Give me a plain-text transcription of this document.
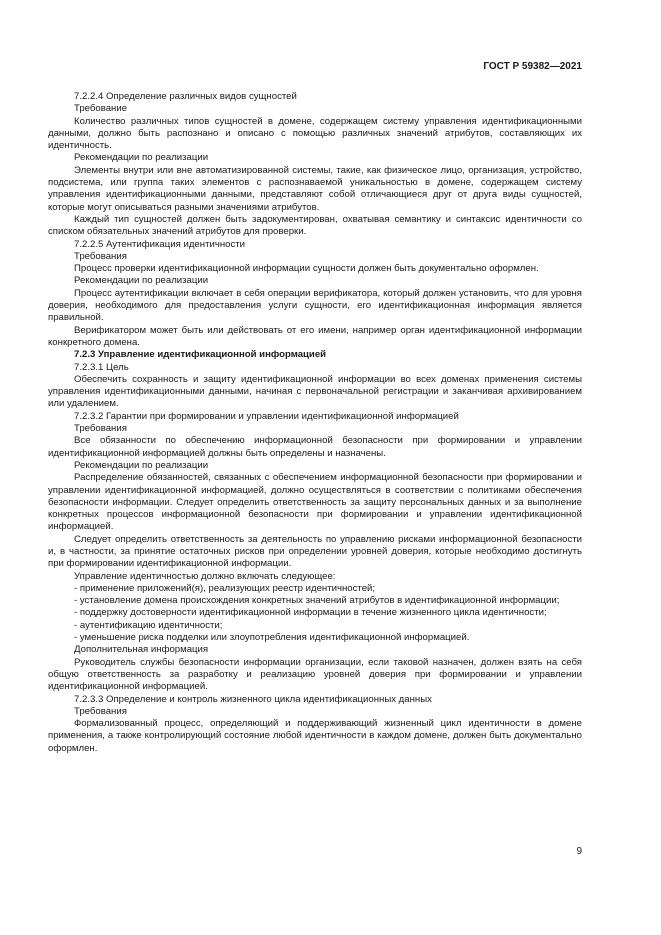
ГОСТ Р 59382—2021

7.2.2.4 Определение различных видов сущностей

Требование

Количество различных типов сущностей в домене, содержащем систему управления идентификационными данными, должно быть распознано и описано с помощью различных значений атрибутов, составляющих их идентичность.

Рекомендации по реализации

Элементы внутри или вне автоматизированной системы, такие, как физическое лицо, организация, устройство, подсистема, или группа таких элементов с распознаваемой уникальностью в домене, содержащем систему управления идентификационными данными, представляют собой отличающиеся друг от друга виды сущностей, которые могут описываться разными значениями атрибутов.

Каждый тип сущностей должен быть задокументирован, охватывая семантику и синтаксис идентичности со списком обязательных значений атрибутов для проверки.

7.2.2.5 Аутентификация идентичности

Требования

Процесс проверки идентификационной информации сущности должен быть документально оформлен.

Рекомендации по реализации

Процесс аутентификации включает в себя операции верификатора, который должен установить, что для уровня доверия, необходимого для предоставления услуги сущности, его идентификационная информация является правильной.

Верификатором может быть или действовать от его имени, например орган идентификационной информации конкретного домена.

7.2.3 Управление идентификационной информацией

7.2.3.1 Цель

Обеспечить сохранность и защиту идентификационной информации во всех доменах применения системы управления идентификационными данными, начиная с первоначальной регистрации и заканчивая архивированием или удалением.

7.2.3.2 Гарантии при формировании и управлении идентификационной информацией

Требования

Все обязанности по обеспечению информационной безопасности при формировании и управлении идентификационной информацией должны быть определены и назначены.

Рекомендации по реализации

Распределение обязанностей, связанных с обеспечением информационной безопасности при формировании и управлении идентификационной информацией, должно осуществляться в соответствии с политиками обеспечения безопасности информации. Следует определить ответственность за защиту персональных данных и за выполнение конкретных процессов информационной безопасности при формировании и управлении идентификационной информацией.

Следует определить ответственность за деятельность по управлению рисками информационной безопасности и, в частности, за принятие остаточных рисков при определении уровней доверия, которые необходимо достигнуть при формировании идентификационной информации.

Управление идентичностью должно включать следующее:

- применение приложений(я), реализующих реестр идентичностей;

- установление домена происхождения конкретных значений атрибутов в идентификационной информации;

- поддержку достоверности идентификационной информации в течение жизненного цикла идентичности;

- аутентификацию идентичности;

- уменьшение риска подделки или злоупотребления идентификационной информацией.

Дополнительная информация

Руководитель службы безопасности информации организации, если таковой назначен, должен взять на себя общую ответственность за разработку и реализацию уровней доверия при формировании и управлении идентификационной информацией.

7.2.3.3 Определение и контроль жизненного цикла идентификационных данных

Требования

Формализованный процесс, определяющий и поддерживающий жизненный цикл идентичности в домене применения, а также контролирующий состояние любой идентичности в каждом домене, должен быть документально оформлен.

9
